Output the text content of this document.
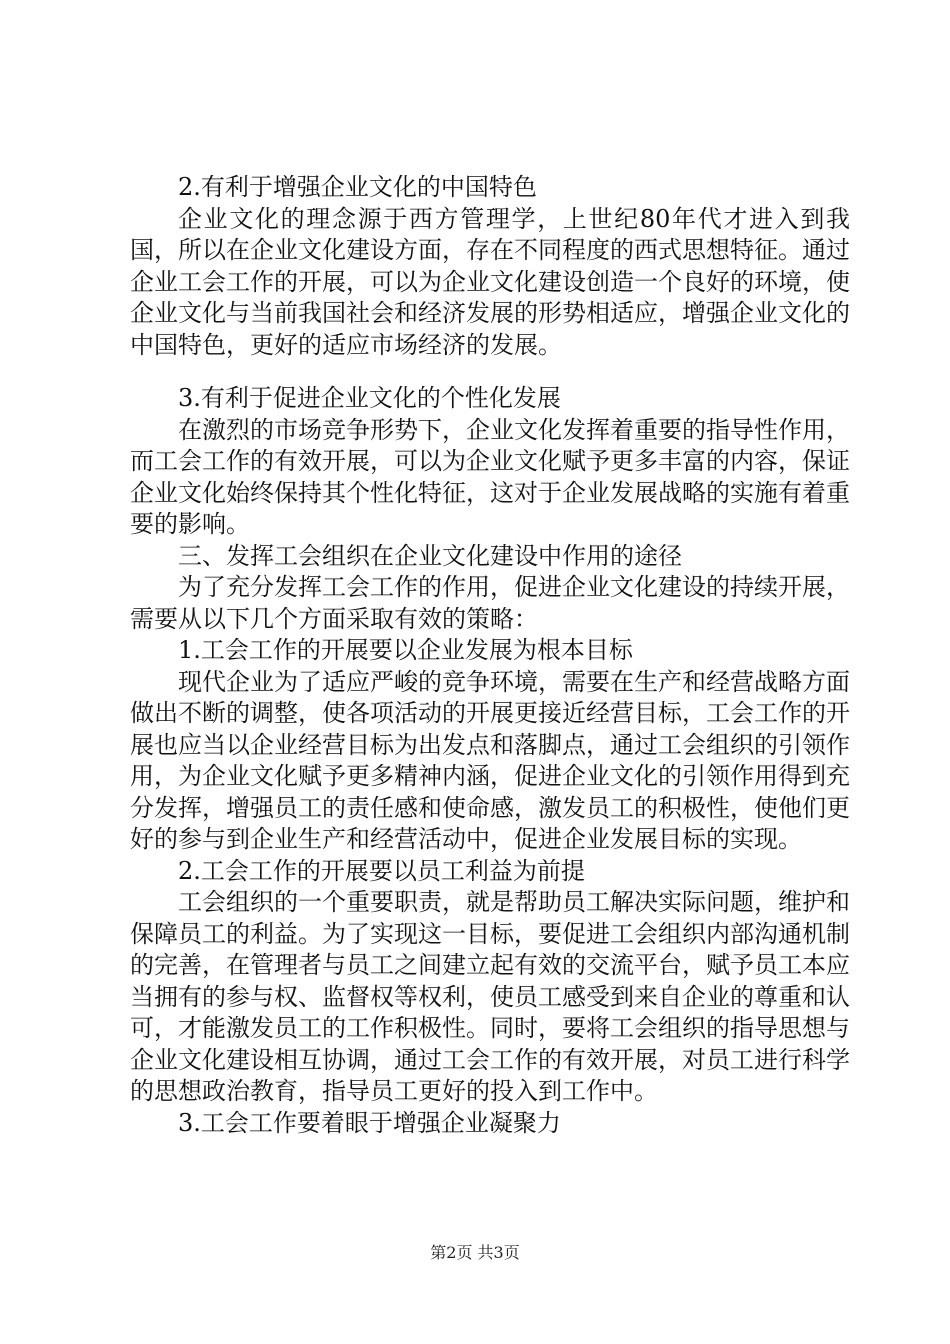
2.有利于增强企业文化的中国特色

企业文化的理念源于西方管理学，上世纪80年代才进入到我国，所以在企业文化建设方面，存在不同程度的西式思想特征。通过企业工会工作的开展，可以为企业文化建设创造一个良好的环境，使企业文化与当前我国社会和经济发展的形势相适应，增强企业文化的中国特色，更好的适应市场经济的发展。

3.有利于促进企业文化的个性化发展

在激烈的市场竞争形势下，企业文化发挥着重要的指导性作用，而工会工作的有效开展，可以为企业文化赋予更多丰富的内容，保证企业文化始终保持其个性化特征，这对于企业发展战略的实施有着重要的影响。

三、发挥工会组织在企业文化建设中作用的途径

为了充分发挥工会工作的作用，促进企业文化建设的持续开展，需要从以下几个方面采取有效的策略：

1.工会工作的开展要以企业发展为根本目标

现代企业为了适应严峻的竞争环境，需要在生产和经营战略方面做出不断的调整，使各项活动的开展更接近经营目标，工会工作的开展也应当以企业经营目标为出发点和落脚点，通过工会组织的引领作用，为企业文化赋予更多精神内涵，促进企业文化的引领作用得到充分发挥，增强员工的责任感和使命感，激发员工的积极性，使他们更好的参与到企业生产和经营活动中，促进企业发展目标的实现。

2.工会工作的开展要以员工利益为前提

工会组织的一个重要职责，就是帮助员工解决实际问题，维护和保障员工的利益。为了实现这一目标，要促进工会组织内部沟通机制的完善，在管理者与员工之间建立起有效的交流平台，赋予员工本应当拥有的参与权、监督权等权利，使员工感受到来自企业的尊重和认可，才能激发员工的工作积极性。同时，要将工会组织的指导思想与企业文化建设相互协调，通过工会工作的有效开展，对员工进行科学的思想政治教育，指导员工更好的投入到工作中。

3.工会工作要着眼于增强企业凝聚力

第2页 共3页
